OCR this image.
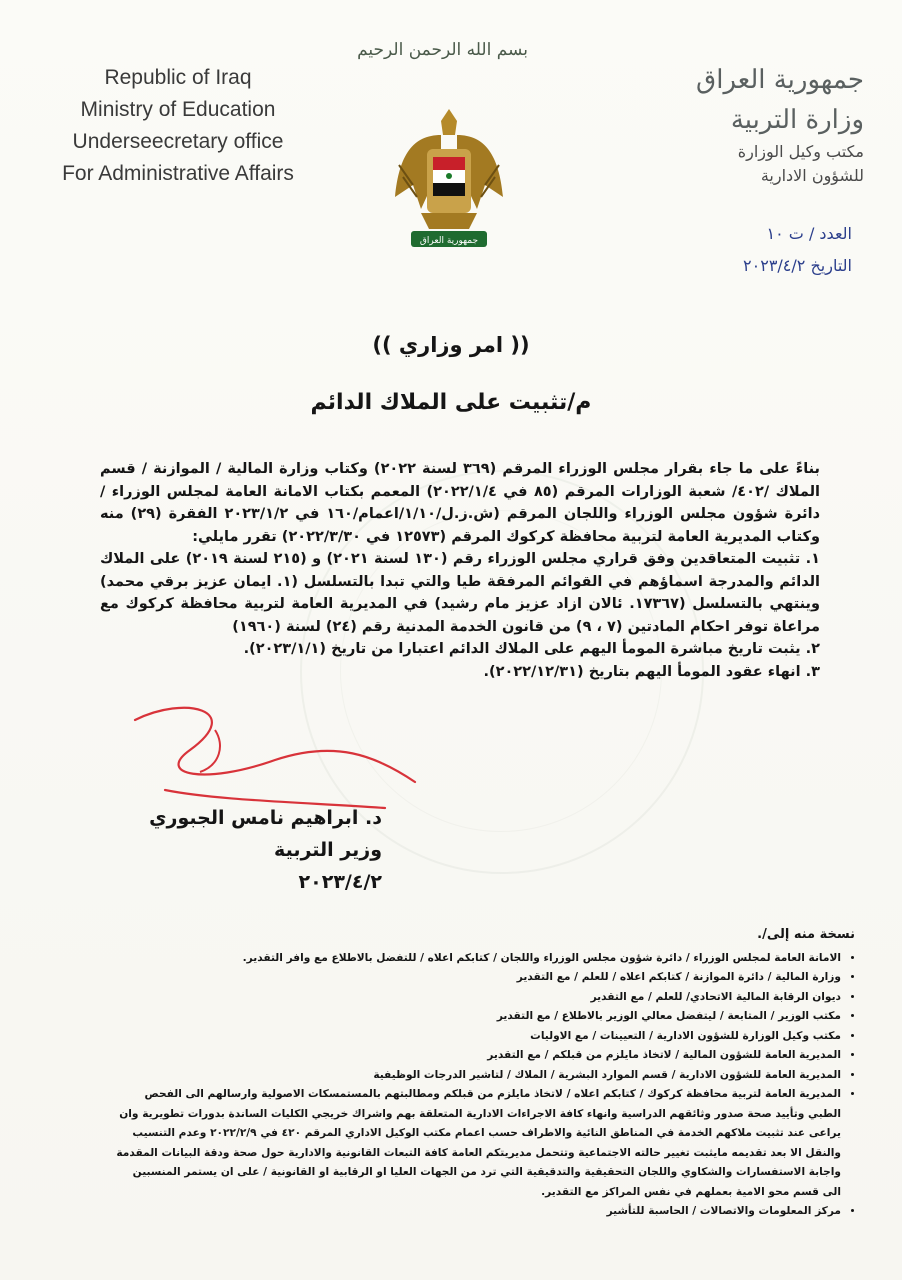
Republic of Iraq
Ministry of Education
Underseecretary office
For Administrative Affairs
بسم الله الرحمن الرحيم
جمهورية العراق
جمهورية العراق
وزارة التربية
مكتب وكيل الوزارة
للشؤون الادارية
العدد / ت ١٠
التاريخ ٢٠٢٣/٤/٢
(( امر وزاري ))
م/تثبيت على الملاك الدائم

بناءً على ما جاء بقرار مجلس الوزراء المرقم (٣٦٩ لسنة ٢٠٢٢) وكتاب وزارة المالية / الموازنة / قسم الملاك /٤٠٢/ شعبة الوزارات المرقم (٨٥ في ٢٠٢٢/١/٤) المعمم بكتاب الامانة العامة لمجلس الوزراء / دائرة شؤون مجلس الوزراء واللجان المرقم (ش.ز.ل/١/١٠/اعمام/١٦٠ في ٢٠٢٣/١/٢ الفقرة (٢٩) منه وكتاب المديرية العامة لتربية محافظة كركوك المرقم (١٢٥٧٣ في ٢٠٢٢/٣/٣٠) تقرر مايلي:

١. تثبيت المتعاقدين وفق قراري مجلس الوزراء رقم (١٣٠ لسنة ٢٠٢١) و (٢١٥ لسنة ٢٠١٩) على الملاك الدائم والمدرجة اسماؤهم في القوائم المرفقة طيا والتي تبدا بالتسلسل (١. ايمان عزيز برقي محمد) وينتهي بالتسلسل (١٧٣٦٧. ئالان ازاد عزيز مام رشيد) في المديرية العامة لتربية محافظة كركوك مع مراعاة توفر احكام المادتين (٧ ، ٩) من قانون الخدمة المدنية رقم (٢٤) لسنة (١٩٦٠)

٢. يثبت تاريخ مباشرة المومأ اليهم على الملاك الدائم اعتبارا من تاريخ (٢٠٢٣/١/١).

٣. انهاء عقود المومأ اليهم بتاريخ (٢٠٢٢/١٢/٣١).

د. ابراهيم نامس الجبوري
وزير التربية
٢٠٢٣/٤/٢
نسخة منه إلى/.
• الامانة العامة لمجلس الوزراء / دائرة شؤون مجلس الوزراء واللجان / كتابكم اعلاه / للتفضل بالاطلاع مع وافر التقدير.
• وزارة المالية / دائرة الموازنة / كتابكم اعلاه / للعلم / مع التقدير
• ديوان الرقابة المالية الاتحادي/ للعلم / مع التقدير
• مكتب الوزير / المتابعة / ليتفضل معالي الوزير بالاطلاع / مع التقدير
• مكتب وكيل الوزارة للشؤون الادارية / التعيينات / مع الاوليات
• المديرية العامة للشؤون المالية / لاتخاذ مايلزم من قبلكم / مع التقدير
• المديرية العامة للشؤون الادارية / قسم الموارد البشرية / الملاك / لتاشير الدرجات الوظيفية
• المديرية العامة لتربية محافظة كركوك / كتابكم اعلاه / لاتخاذ مايلزم من قبلكم ومطالبتهم بالمستمسكات الاصولية وارسالهم الى الفحص الطبي وتأييد صحة صدور وثائقهم الدراسية وانهاء كافة الاجراءات الادارية المتعلقة بهم واشراك خريجي الكليات الساندة بدورات تطويرية وان يراعى عند تثبيت ملاكهم الخدمة في المناطق النائية والاطراف حسب اعمام مكتب الوكيل الاداري المرقم ٤٢٠ في ٢٠٢٢/٢/٩ وعدم التنسيب والنقل الا بعد تقديمه مايثبت تغيير حالته الاجتماعية وتتحمل مديريتكم العامة كافة التبعات القانونية والادارية حول صحة ودقة البيانات المقدمة واجابة الاستفسارات والشكاوي واللجان التحقيقية والتدقيقية التي ترد من الجهات العليا او الرقابية او القانونية / على ان يستمر المنسبين الى قسم محو الامية بعملهم في نفس المراكز مع التقدير.
• مركز المعلومات والاتصالات / الحاسبة للتأشير
